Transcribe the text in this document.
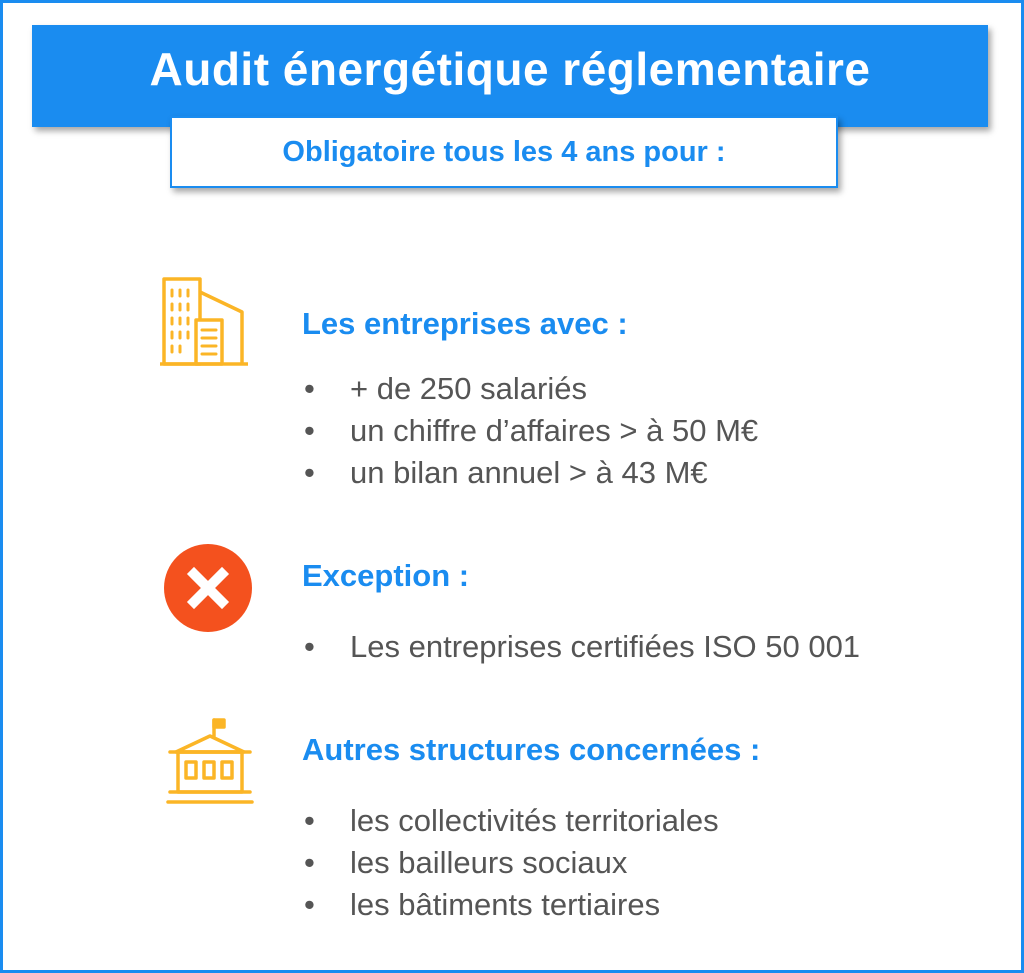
Audit énergétique réglementaire
Obligatoire tous les 4 ans pour :
Les entreprises avec :
• + de 250 salariés
• un chiffre d’affaires > à 50 M€
• un bilan annuel > à 43 M€
Exception :
• Les entreprises certifiées ISO 50 001
Autres structures concernées :
• les collectivités territoriales
• les bailleurs sociaux
• les bâtiments tertiaires
